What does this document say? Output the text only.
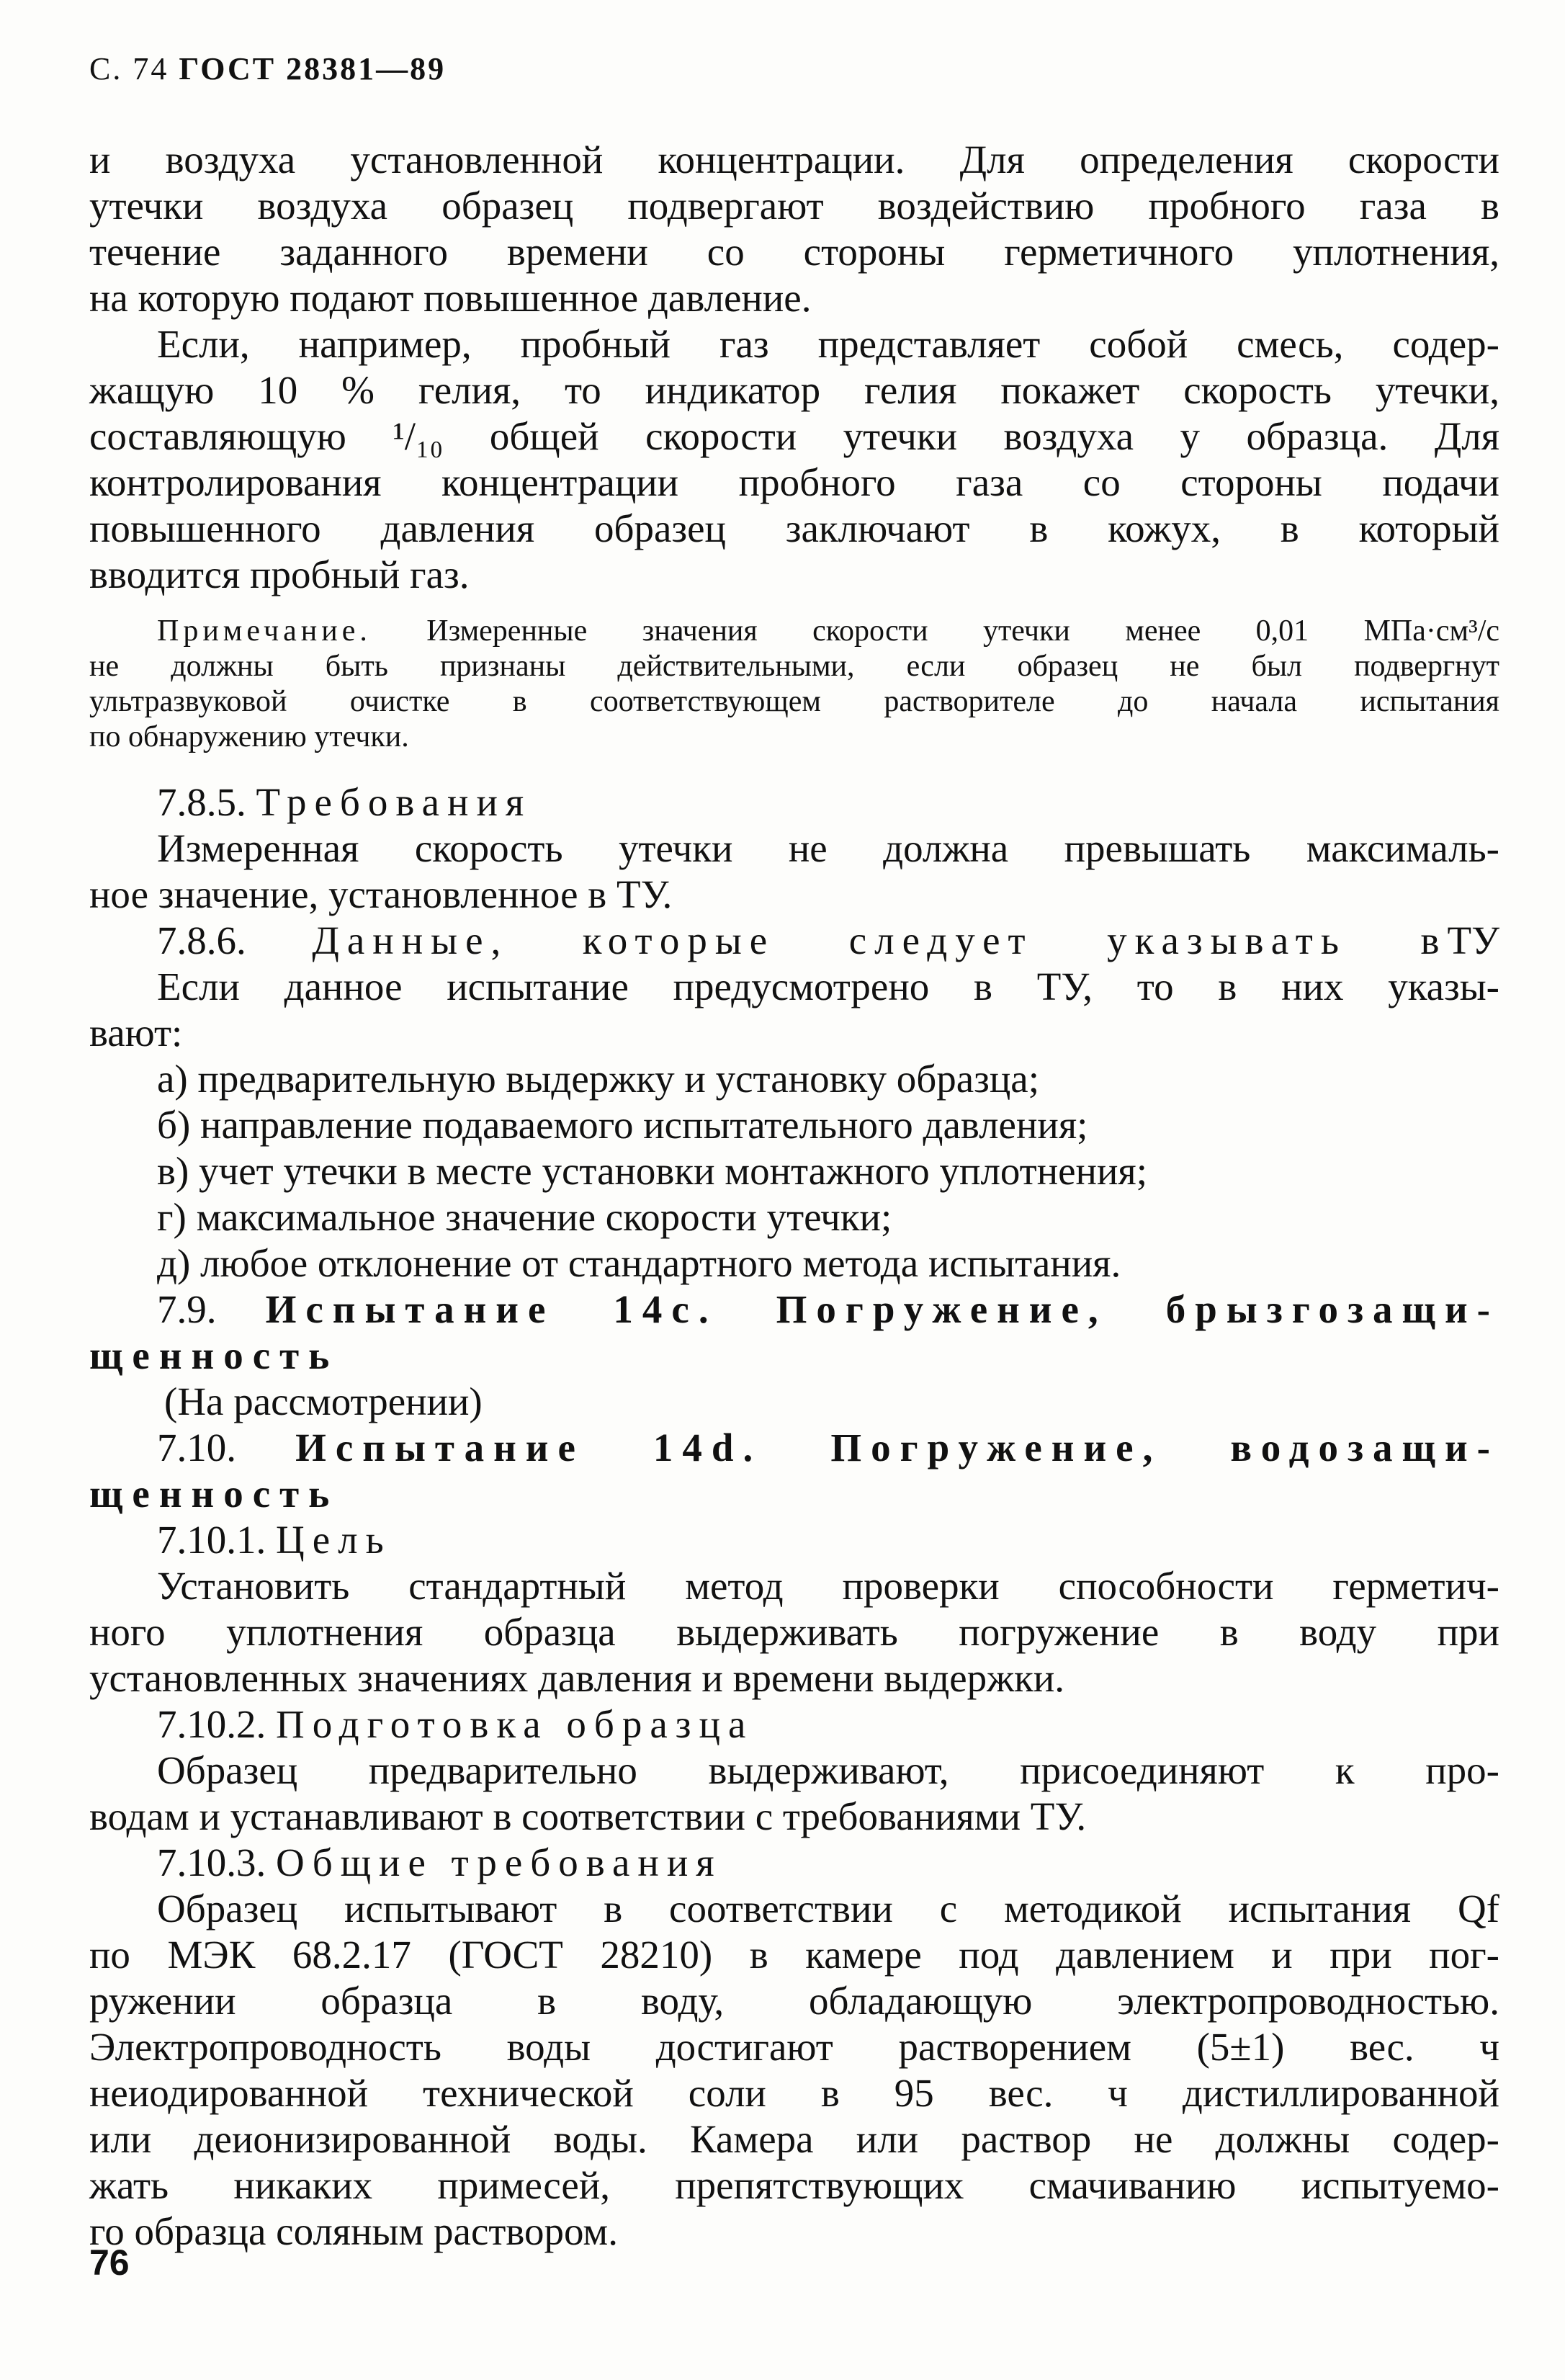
С. 74 ГОСТ 28381—89
и воздуха установленной концентрации. Для определения скорости
утечки воздуха образец подвергают воздействию пробного газа в
течение заданного времени со стороны герметичного уплотнения,
на которую подают повышенное давление.
Если, например, пробный газ представляет собой смесь, содер-
жащую 10 % гелия, то индикатор гелия покажет скорость утечки,
составляющую ¹/₁₀ общей скорости утечки воздуха у образца. Для
контролирования концентрации пробного газа со стороны подачи
повышенного давления образец заключают в кожух, в который
вводится пробный газ.
Примечание. Измеренные значения скорости утечки менее 0,01 МПа·см³/с
не должны быть признаны действительными, если образец не был подвергнут
ультразвуковой очистке в соответствующем растворителе до начала испытания
по обнаружению утечки.
7.8.5. Требования
Измеренная скорость утечки не должна превышать максималь-
ное значение, установленное в ТУ.
7.8.6. Данные, которые следует указывать вТУ
Если данное испытание предусмотрено в ТУ, то в них указы-
вают:
а) предварительную выдержку и установку образца;
б) направление подаваемого испытательного давления;
в) учет утечки в месте установки монтажного уплотнения;
г) максимальное значение скорости утечки;
д) любое отклонение от стандартного метода испытания.
7.9. Испытание 14c. Погружение, брызгозащи-
щенность
(На рассмотрении)
7.10. Испытание 14d. Погружение, водозащи-
щенность
7.10.1. Цель
Установить стандартный метод проверки способности герметич-
ного уплотнения образца выдерживать погружение в воду при
установленных значениях давления и времени выдержки.
7.10.2. Подготовка образца
Образец предварительно выдерживают, присоединяют к про-
водам и устанавливают в соответствии с требованиями ТУ.
7.10.3. Общие требования
Образец испытывают в соответствии с методикой испытания Qf
по МЭК 68.2.17 (ГОСТ 28210) в камере под давлением и при пог-
ружении образца в воду, обладающую электропроводностью.
Электропроводность воды достигают растворением (5±1) вес. ч
неиодированной технической соли в 95 вес. ч дистиллированной
или деионизированной воды. Камера или раствор не должны содер-
жать никаких примесей, препятствующих смачиванию испытуемо-
го образца соляным раствором.
76
